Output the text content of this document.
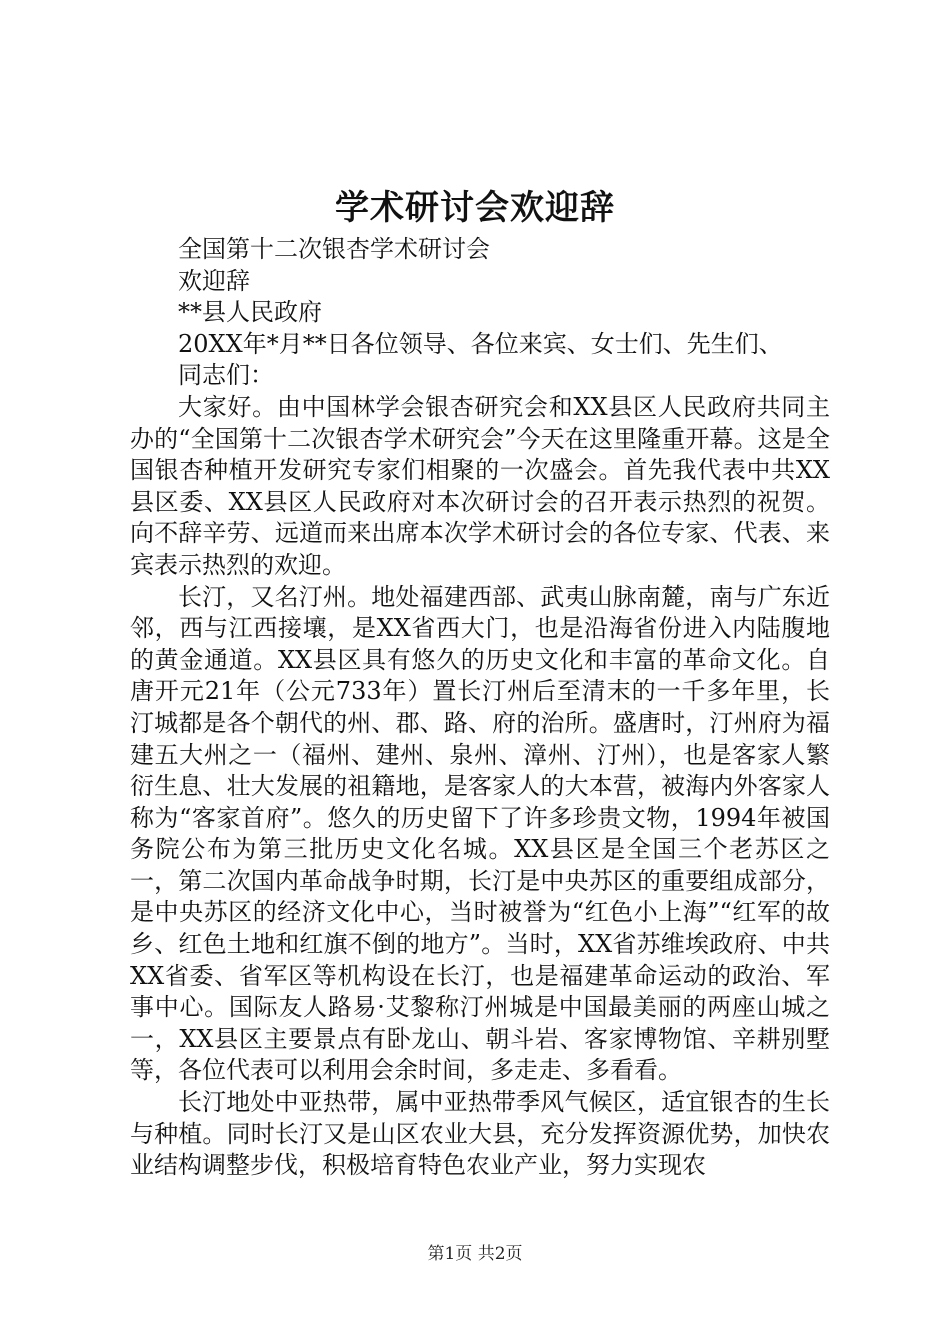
学术研讨会欢迎辞

全国第十二次银杏学术研讨会

欢迎辞

**县人民政府

20XX年*月**日各位领导、各位来宾、女士们、先生们、

同志们：

大家好。由中国林学会银杏研究会和XX县区人民政府共同主办的“全国第十二次银杏学术研究会”今天在这里隆重开幕。这是全国银杏种植开发研究专家们相聚的一次盛会。首先我代表中共XX县区委、XX县区人民政府对本次研讨会的召开表示热烈的祝贺。向不辞辛劳、远道而来出席本次学术研讨会的各位专家、代表、来宾表示热烈的欢迎。

长汀，又名汀州。地处福建西部、武夷山脉南麓，南与广东近邻，西与江西接壤，是XX省西大门，也是沿海省份进入内陆腹地的黄金通道。XX县区具有悠久的历史文化和丰富的革命文化。自唐开元21年（公元733年）置长汀州后至清末的一千多年里，长汀城都是各个朝代的州、郡、路、府的治所。盛唐时，汀州府为福建五大州之一（福州、建州、泉州、漳州、汀州），也是客家人繁衍生息、壮大发展的祖籍地，是客家人的大本营，被海内外客家人称为“客家首府”。悠久的历史留下了许多珍贵文物，1994年被国务院公布为第三批历史文化名城。XX县区是全国三个老苏区之一，第二次国内革命战争时期，长汀是中央苏区的重要组成部分，是中央苏区的经济文化中心，当时被誉为“红色小上海”“红军的故乡、红色土地和红旗不倒的地方”。当时，XX省苏维埃政府、中共XX省委、省军区等机构设在长汀，也是福建革命运动的政治、军事中心。国际友人路易·艾黎称汀州城是中国最美丽的两座山城之一，XX县区主要景点有卧龙山、朝斗岩、客家博物馆、辛耕别墅等，各位代表可以利用会余时间，多走走、多看看。

长汀地处中亚热带，属中亚热带季风气候区，适宜银杏的生长与种植。同时长汀又是山区农业大县，充分发挥资源优势，加快农业结构调整步伐，积极培育特色农业产业，努力实现农

第1页 共2页
